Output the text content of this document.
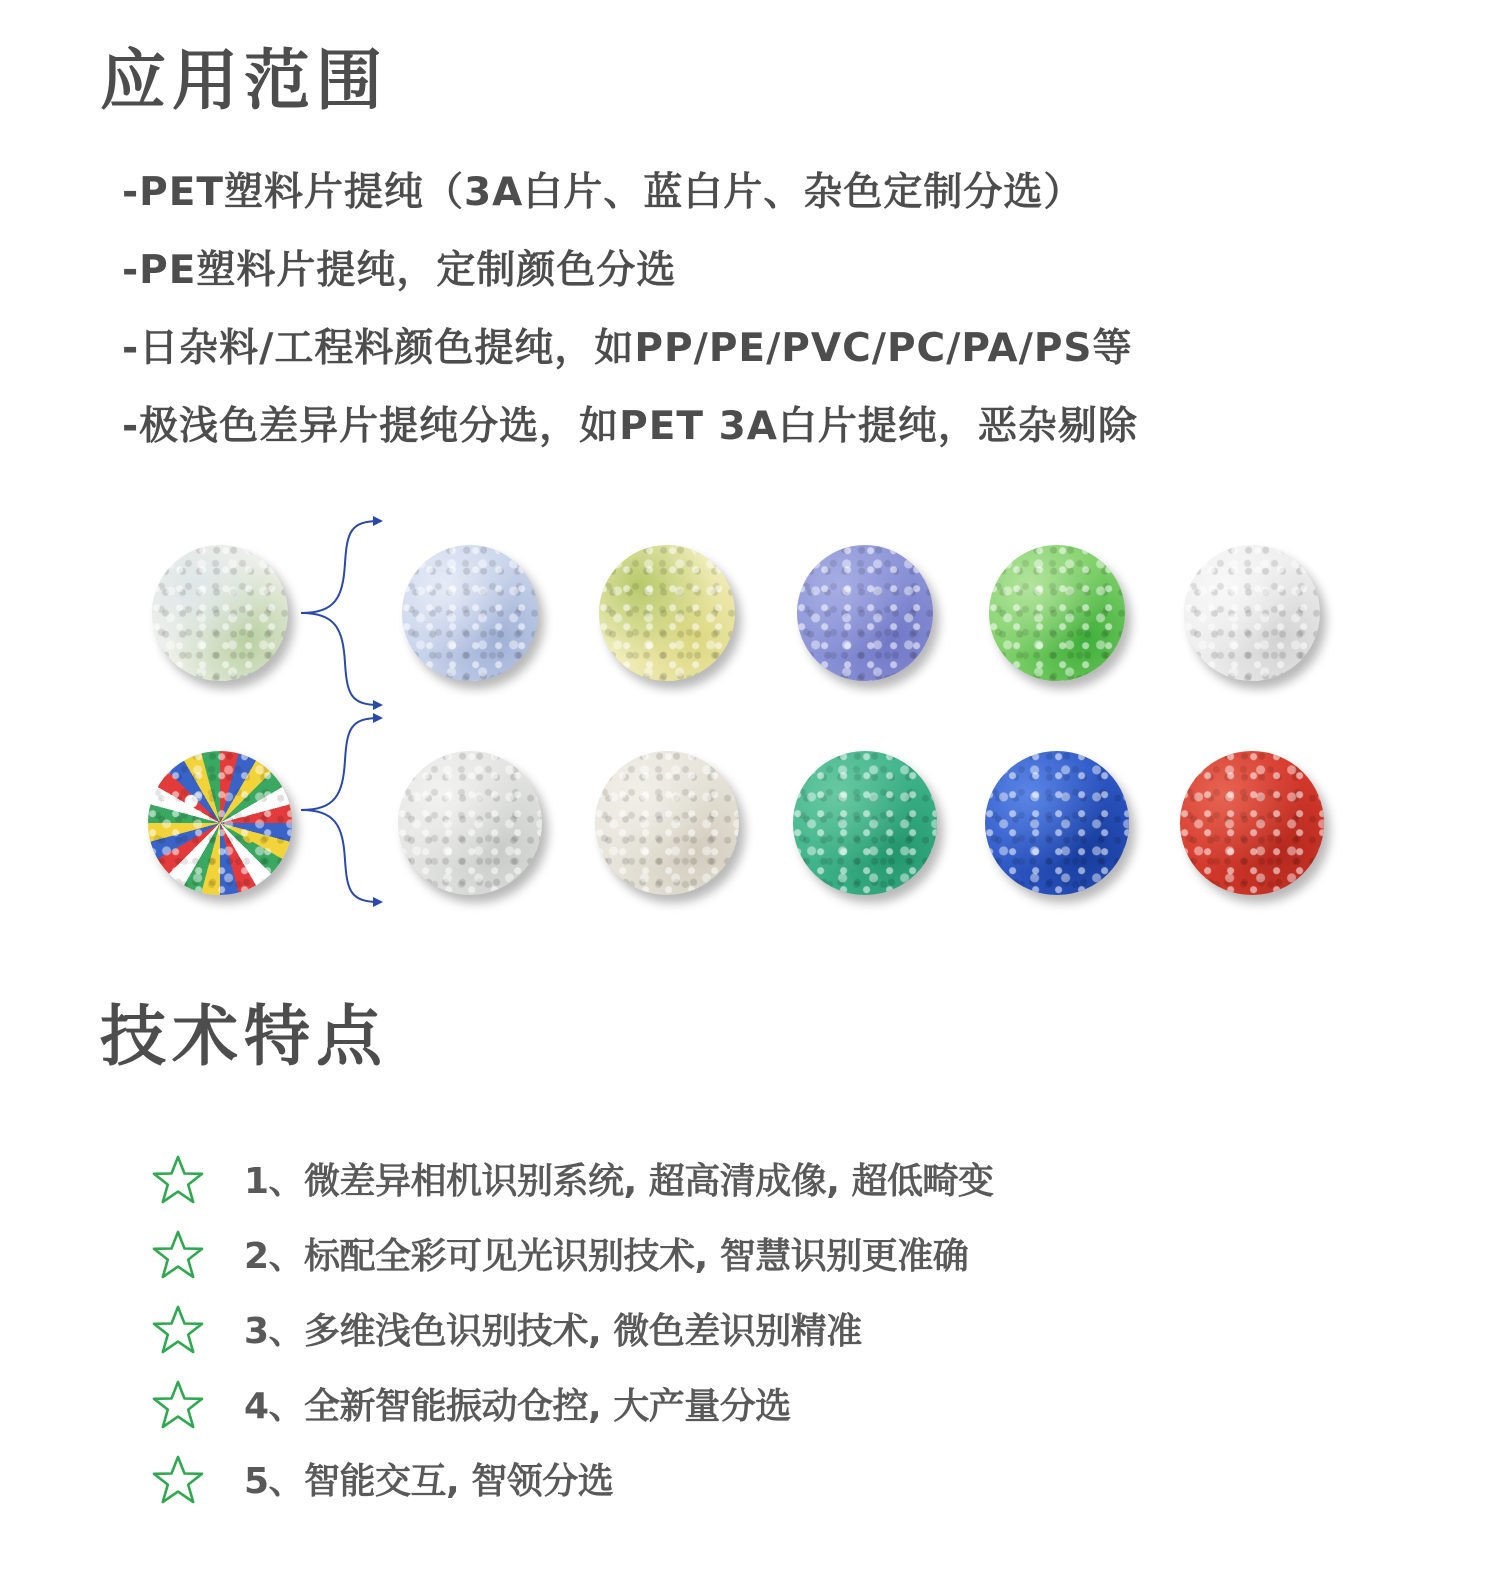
应用范围
-PET塑料片提纯（3A白片、蓝白片、杂色定制分选）
-PE塑料片提纯，定制颜色分选
-日杂料/工程料颜色提纯，如PP/PE/PVC/PC/PA/PS等
-极浅色差异片提纯分选，如PET 3A白片提纯，恶杂剔除
技术特点
1、微差异相机识别系统, 超高清成像, 超低畸变
2、标配全彩可见光识别技术, 智慧识别更准确
3、多维浅色识别技术, 微色差识别精准
4、全新智能振动仓控, 大产量分选
5、智能交互, 智领分选
